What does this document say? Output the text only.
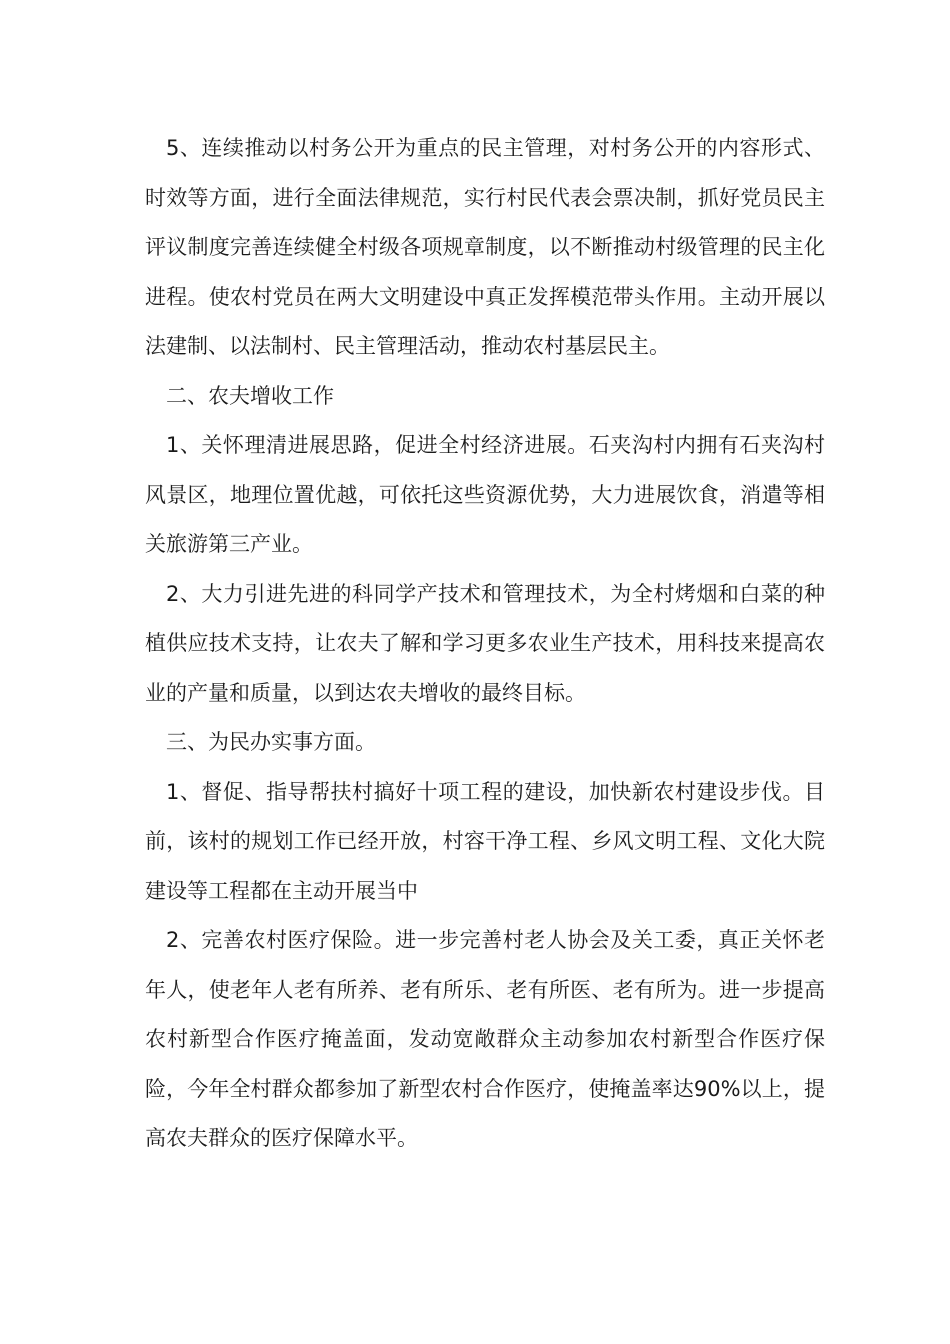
5、连续推动以村务公开为重点的民主管理，对村务公开的内容形式、时效等方面，进行全面法律规范，实行村民代表会票决制，抓好党员民主评议制度完善连续健全村级各项规章制度，以不断推动村级管理的民主化进程。使农村党员在两大文明建设中真正发挥模范带头作用。主动开展以法建制、以法制村、民主管理活动，推动农村基层民主。

二、农夫增收工作

1、关怀理清进展思路，促进全村经济进展。石夹沟村内拥有石夹沟村风景区，地理位置优越，可依托这些资源优势，大力进展饮食，消遣等相关旅游第三产业。

2、大力引进先进的科同学产技术和管理技术，为全村烤烟和白菜的种植供应技术支持，让农夫了解和学习更多农业生产技术，用科技来提高农业的产量和质量，以到达农夫增收的最终目标。

三、为民办实事方面。

1、督促、指导帮扶村搞好十项工程的建设，加快新农村建设步伐。目前，该村的规划工作已经开放，村容干净工程、乡风文明工程、文化大院建设等工程都在主动开展当中

2、完善农村医疗保险。进一步完善村老人协会及关工委，真正关怀老年人，使老年人老有所养、老有所乐、老有所医、老有所为。进一步提高农村新型合作医疗掩盖面，发动宽敞群众主动参加农村新型合作医疗保险，今年全村群众都参加了新型农村合作医疗，使掩盖率达90%以上，提高农夫群众的医疗保障水平。
